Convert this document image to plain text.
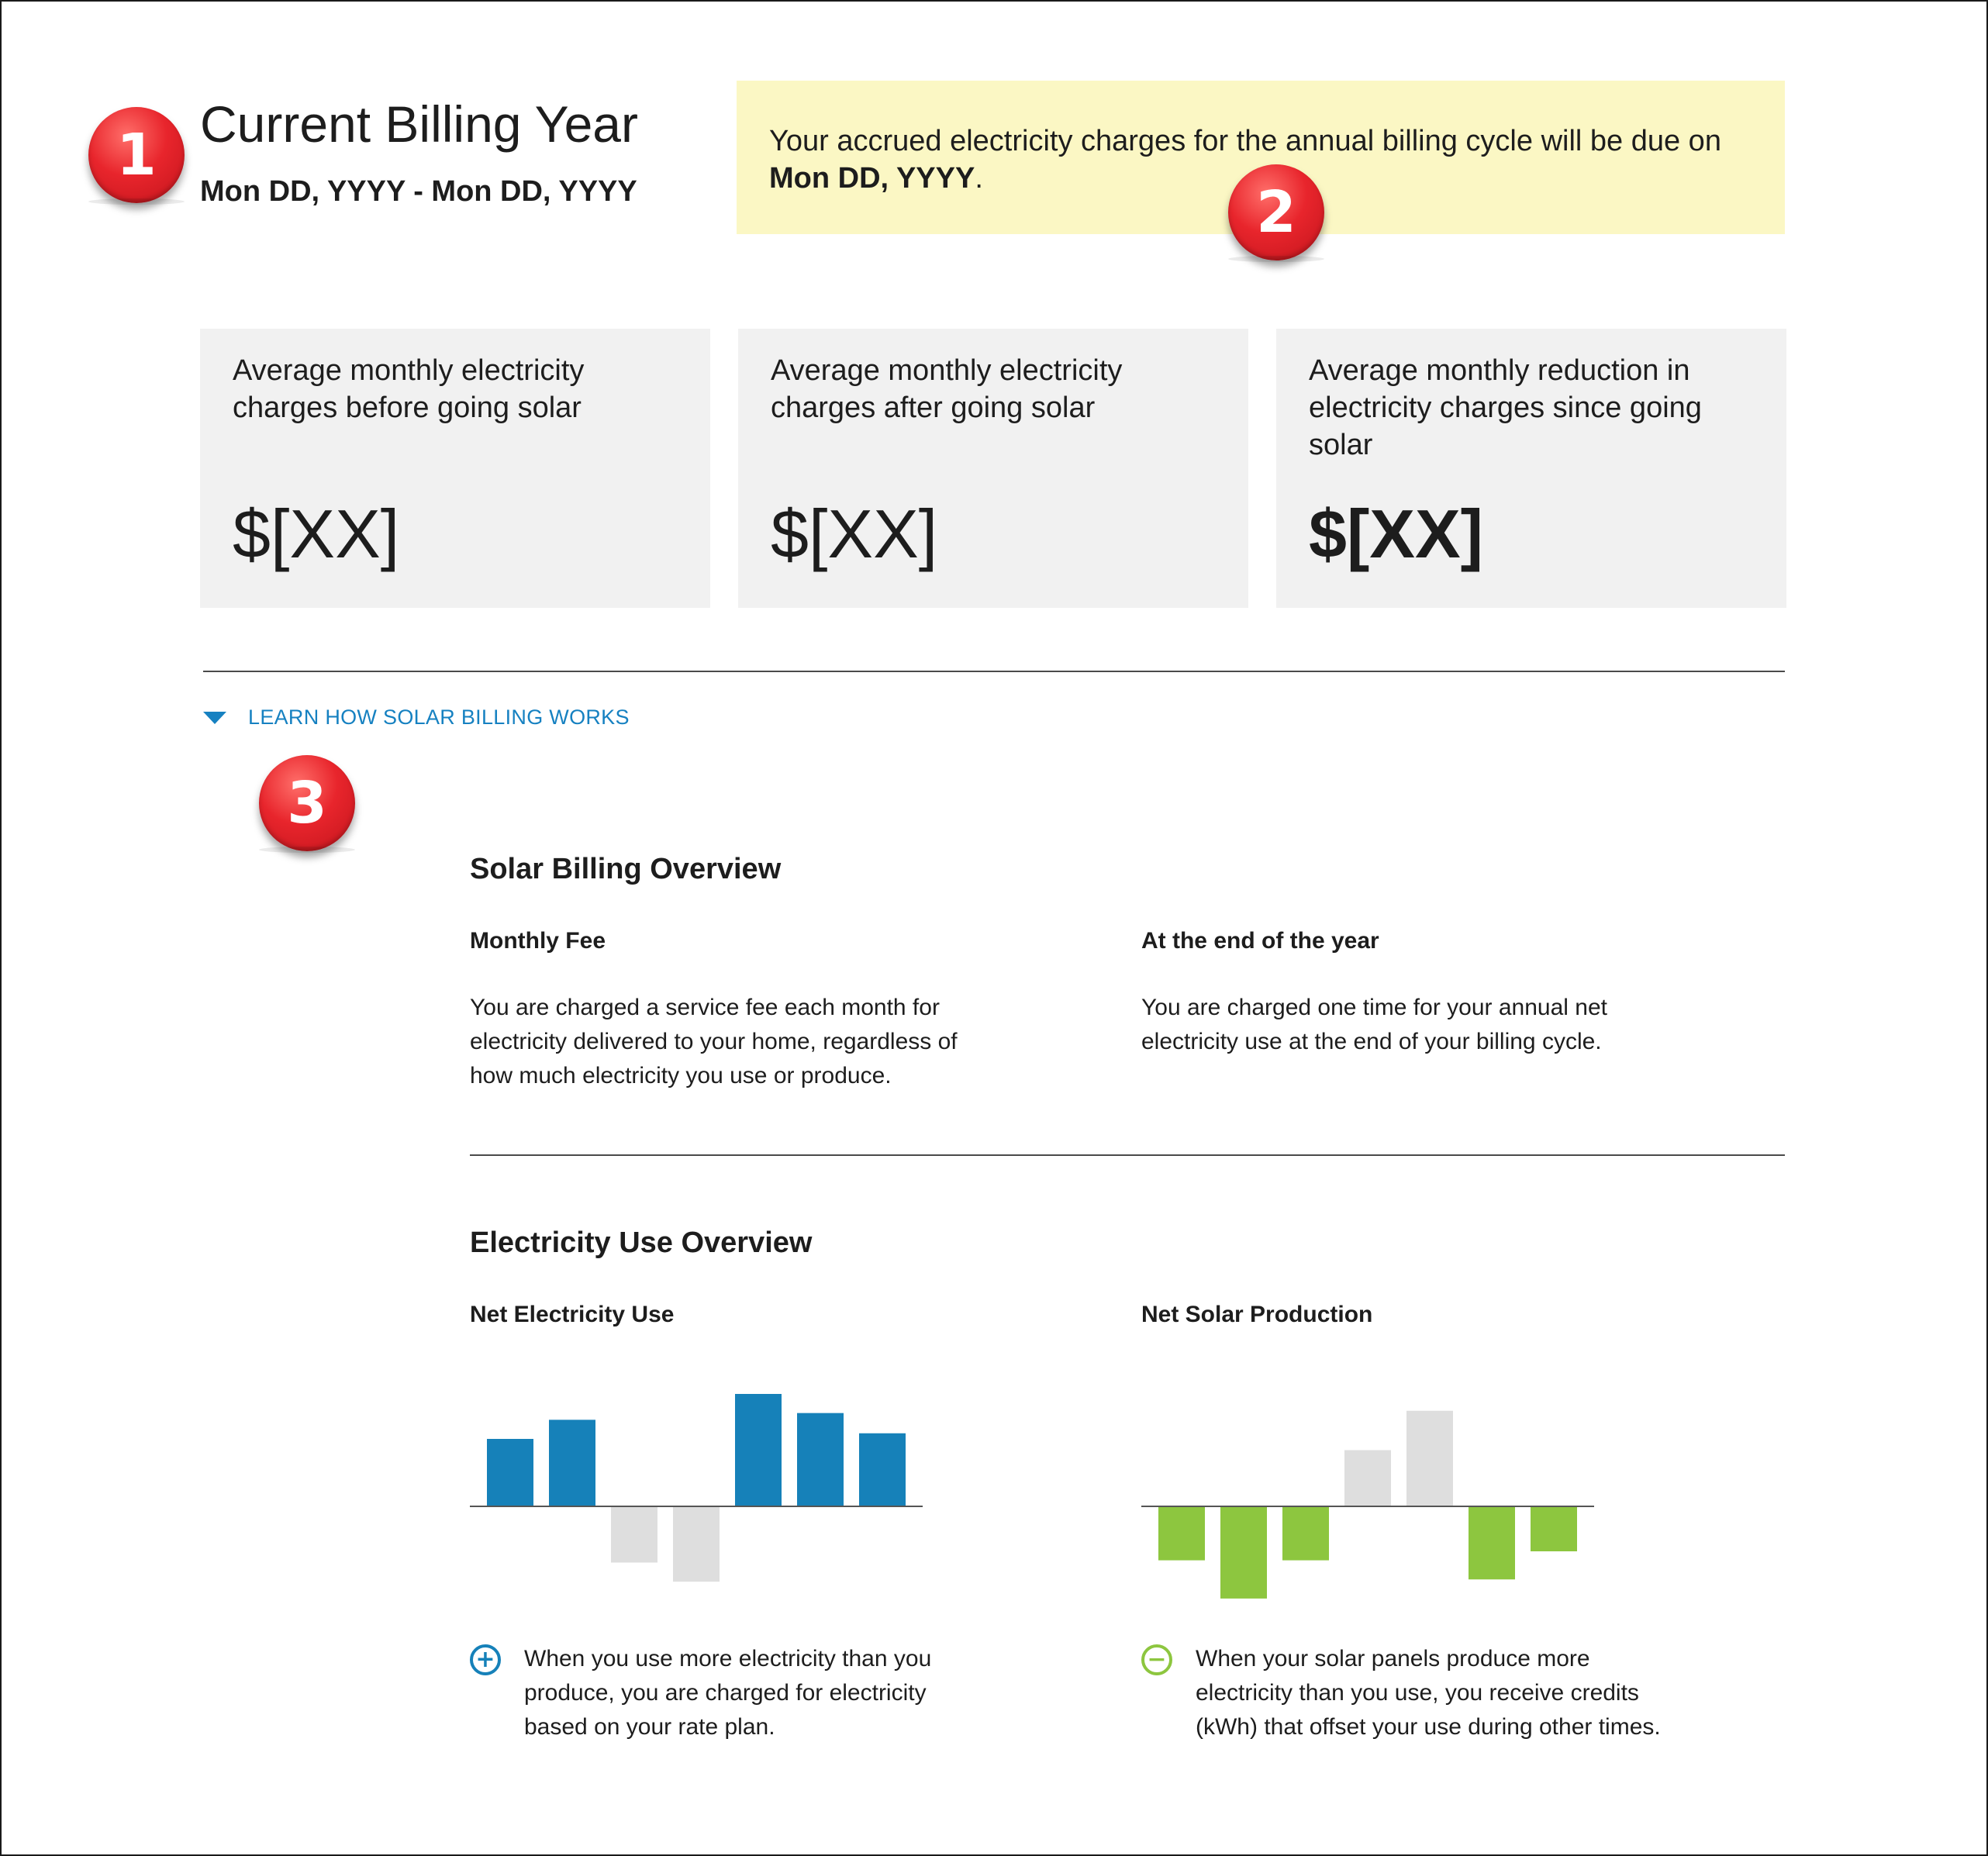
Current Billing Year
Mon DD, YYYY - Mon DD, YYYY
Your accrued electricity charges for the annual billing cycle will be due on Mon DD, YYYY.
1
2
3
Average monthly electricity charges before going solar
$[XX]
Average monthly electricity charges after going solar
$[XX]
Average monthly reduction in electricity charges since going solar
$[XX]
LEARN HOW SOLAR BILLING WORKS
Solar Billing Overview
Monthly Fee
You are charged a service fee each month for electricity delivered to your home, regardless of how much electricity you use or produce.
At the end of the year
You are charged one time for your annual net electricity use at the end of your billing cycle.
Electricity Use Overview
Net Electricity Use	Net Solar Production
+ When you use more electricity than you produce, you are charged for electricity based on your rate plan.
− When your solar panels produce more electricity than you use, you receive credits (kWh) that offset your use during other times.
